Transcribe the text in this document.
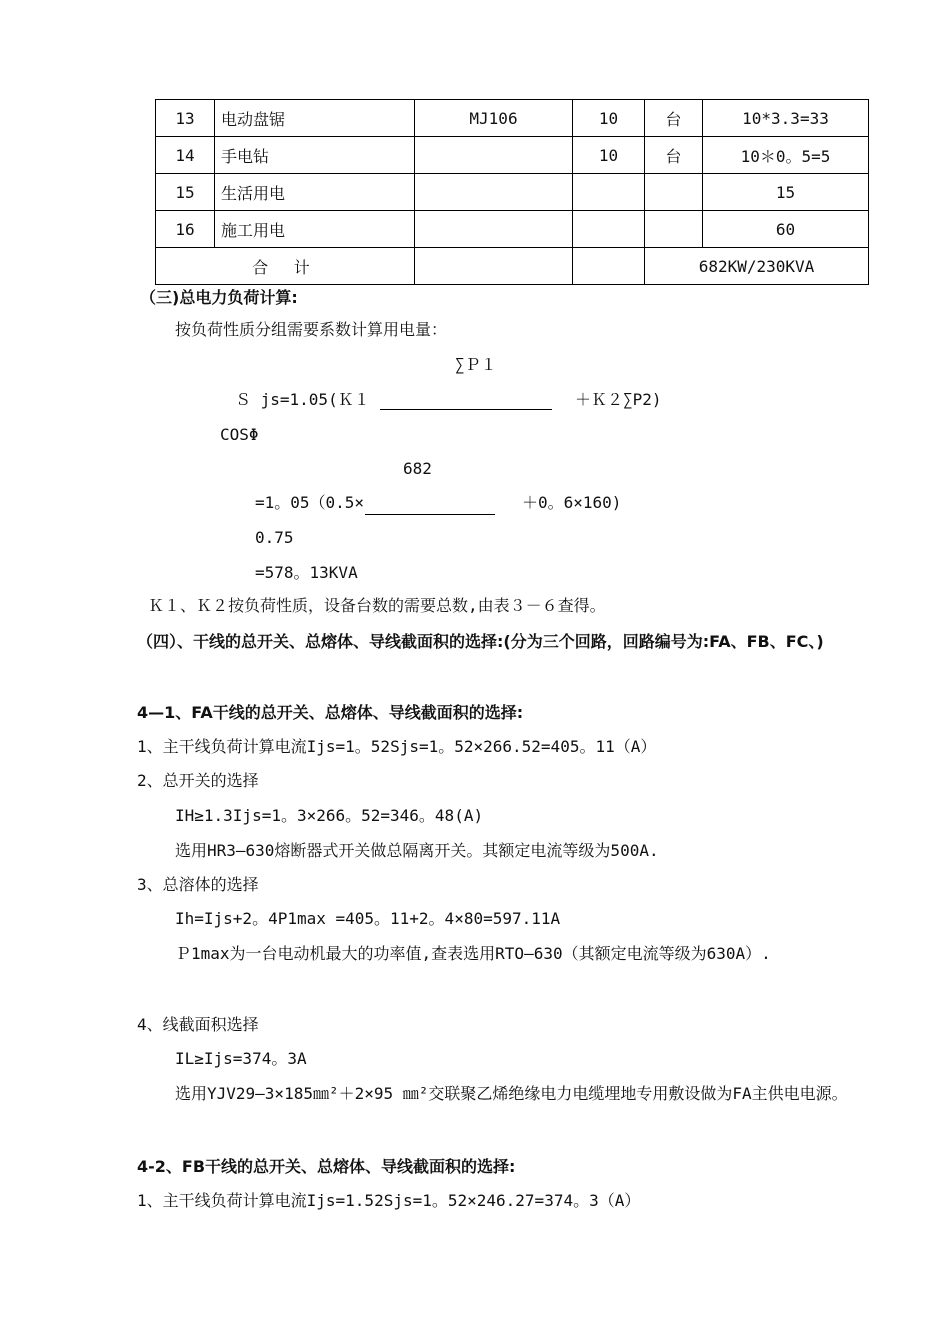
13	电动盘锯	MJ106	10	台	10*3.3=33
14	手电钻		10	台	10＊0。5=5
15	生活用电				15
16	施工用电				60
合 计				682KW/230KVA	
（三)总电力负荷计算:
按负荷性质分组需要系数计算用电量：
∑Ｐ１
Ｓ js=1.05(Ｋ１	＋Ｋ２∑P2)
COSΦ
682
=1。05（0.5×	＋0。6×160)
0.75
=578。13KVA
Ｋ１、Ｋ２按负荷性质，设备台数的需要总数,由表３－６查得。
（四）、干线的总开关、总熔体、导线截面积的选择:(分为三个回路，回路编号为:FA、FB、FC、)
4—1、FA干线的总开关、总熔体、导线截面积的选择:
1、主干线负荷计算电流Ijs=1。52Sjs=1。52×266.52=405。11（A）
2、总开关的选择
IH≥1.3Ijs=1。3×266。52=346。48(A)
选用HR3—630熔断器式开关做总隔离开关。其额定电流等级为500A.
3、总溶体的选择
Ih=Ijs+2。4P1max =405。11+2。4×80=597.11A
Ｐ1max为一台电动机最大的功率值,查表选用RTO—630（其额定电流等级为630A）.
4、线截面积选择
IL≥Ijs=374。3A
选用YJV29—3×185㎜²＋2×95 ㎜²交联聚乙烯绝缘电力电缆埋地专用敷设做为FA主供电电源。
4-2、FB干线的总开关、总熔体、导线截面积的选择:
1、主干线负荷计算电流Ijs=1.52Sjs=1。52×246.27=374。3（A）
